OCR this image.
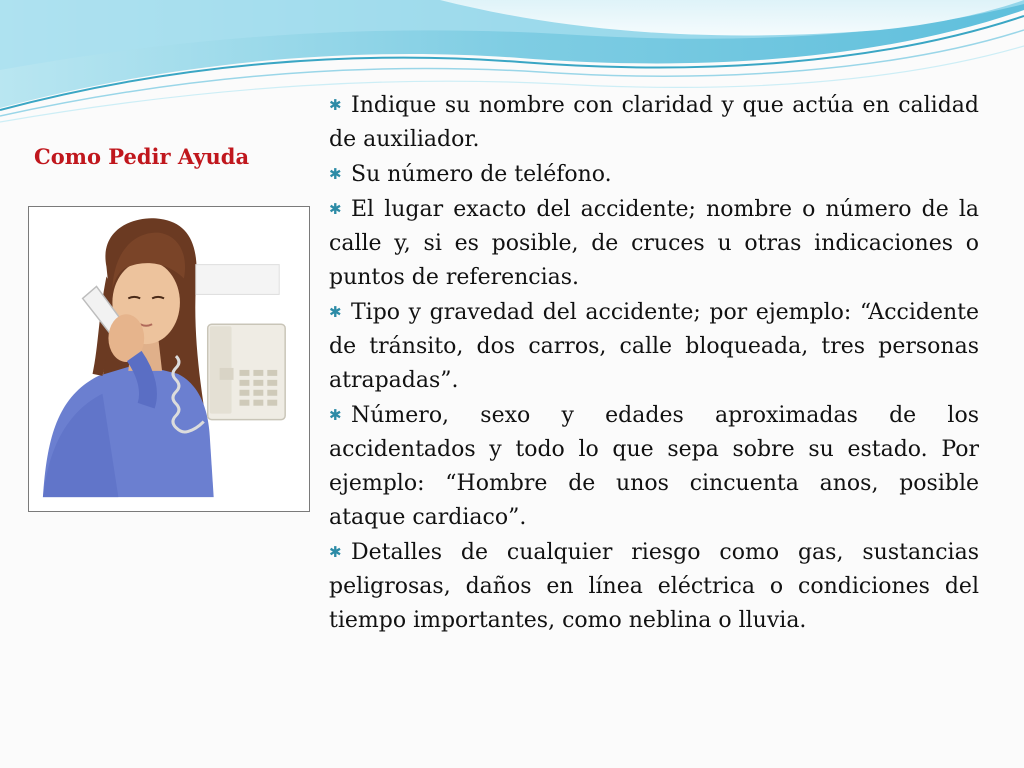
Como Pedir Ayuda
✱ Indique su nombre con claridad y que actúa en calidad de auxiliador.
✱ Su número de teléfono.
✱ El lugar exacto del accidente; nombre o número de la calle y, si es posible, de cruces u otras indicaciones o puntos de referencias.
✱ Tipo y gravedad del accidente; por ejemplo: “Accidente de tránsito, dos carros, calle bloqueada, tres personas atrapadas”.
✱ Número, sexo y edades aproximadas de los accidentados y todo lo que sepa sobre su estado. Por ejemplo: “Hombre de unos cincuenta anos, posible ataque cardiaco”.
✱ Detalles de cualquier riesgo como gas, sustancias peligrosas, daños en línea eléctrica o condiciones del tiempo importantes, como neblina o lluvia.
